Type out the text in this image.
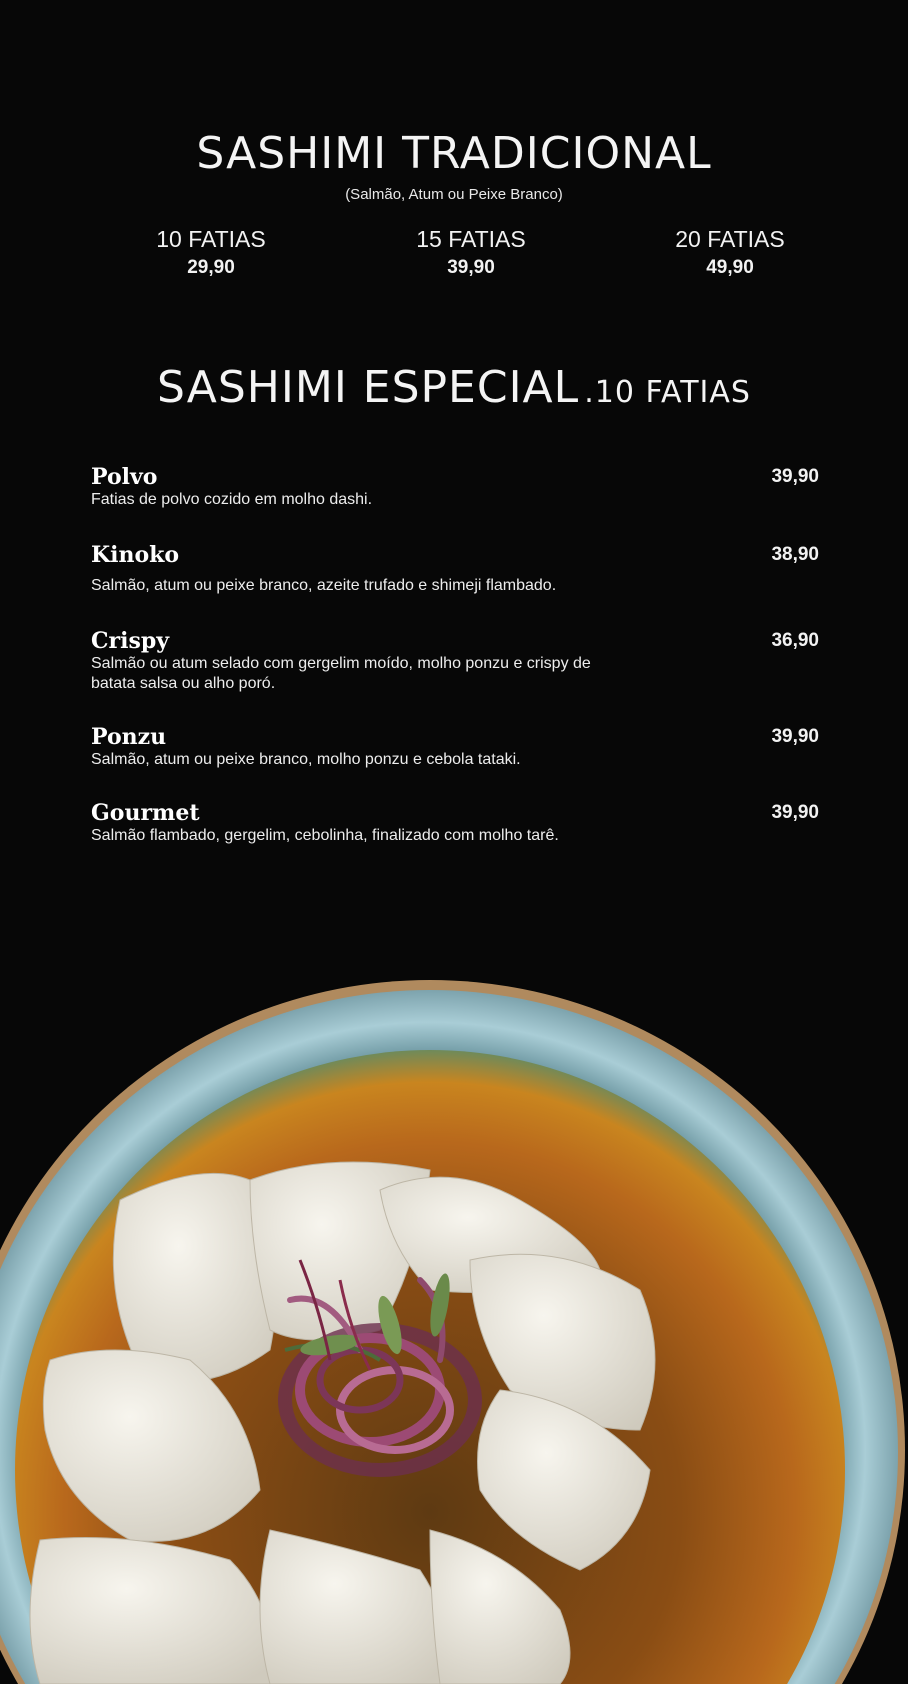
SASHIMI TRADICIONAL
(Salmão, Atum ou Peixe Branco)
10 FATIAS
29,90
15 FATIAS
39,90
20 FATIAS
49,90
SASHIMI ESPECIAL .10 FATIAS
Polvo	39,90
Fatias de polvo cozido em molho dashi.
Kinoko	38,90
Salmão, atum ou peixe branco, azeite trufado e shimeji flambado.
Crispy	36,90
Salmão ou atum selado com gergelim moído, molho ponzu e crispy de batata salsa ou alho poró.
Ponzu	39,90
Salmão, atum ou peixe branco, molho ponzu e cebola tataki.
Gourmet	39,90
Salmão flambado, gergelim, cebolinha, finalizado com molho tarê.
